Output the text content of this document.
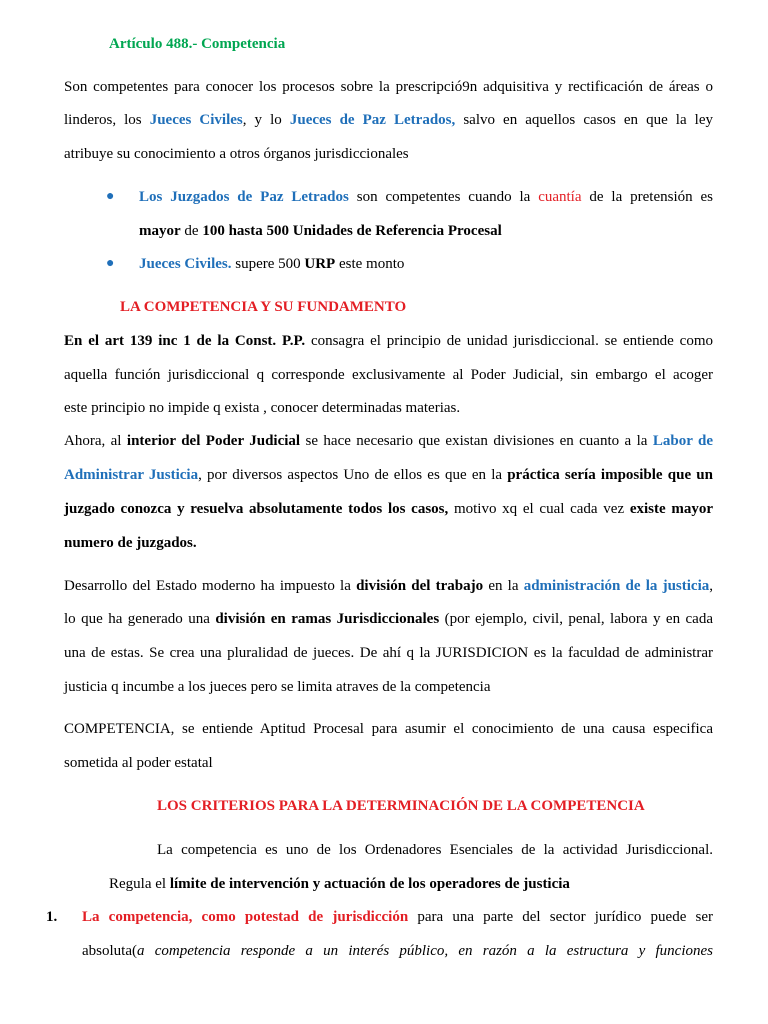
Artículo 488.- Competencia
Son competentes para conocer los procesos sobre la prescripció9n adquisitiva y rectificación de áreas o
linderos, los Jueces Civiles, y lo Jueces de Paz Letrados, salvo en aquellos casos en que la ley
atribuye su conocimiento a otros órganos jurisdiccionales
● Los Juzgados de Paz Letrados son competentes cuando la cuantía de la pretensión es
mayor de 100 hasta 500 Unidades de Referencia Procesal
● Jueces Civiles. supere 500 URP este monto
LA COMPETENCIA Y SU FUNDAMENTO
En el art 139 inc 1 de la Const. P.P. consagra el principio de unidad jurisdiccional. se entiende como
aquella función jurisdiccional q corresponde exclusivamente al Poder Judicial, sin embargo el acoger
este principio no impide q exista , conocer determinadas materias.
Ahora, al interior del Poder Judicial se hace necesario que existan divisiones en cuanto a la Labor de
Administrar Justicia, por diversos aspectos Uno de ellos es que en la práctica sería imposible que un
juzgado conozca y resuelva absolutamente todos los casos, motivo xq el cual cada vez existe mayor
numero de juzgados.
Desarrollo del Estado moderno ha impuesto la división del trabajo en la administración de la justicia,
lo que ha generado una división en ramas Jurisdiccionales (por ejemplo, civil, penal, labora y en cada
una de estas. Se crea una pluralidad de jueces. De ahí q la JURISDICION es la faculdad de administrar
justicia q incumbe a los jueces pero se limita atraves de la competencia
COMPETENCIA, se entiende Aptitud Procesal para asumir el conocimiento de una causa especifica
sometida al poder estatal
LOS CRITERIOS PARA LA DETERMINACIÓN DE LA COMPETENCIA
La competencia es uno de los Ordenadores Esenciales de la actividad Jurisdiccional.
Regula el límite de intervención y actuación de los operadores de justicia
1. La competencia, como potestad de jurisdicción para una parte del sector jurídico puede ser
absoluta(a competencia responde a un interés público, en razón a la estructura y funciones
